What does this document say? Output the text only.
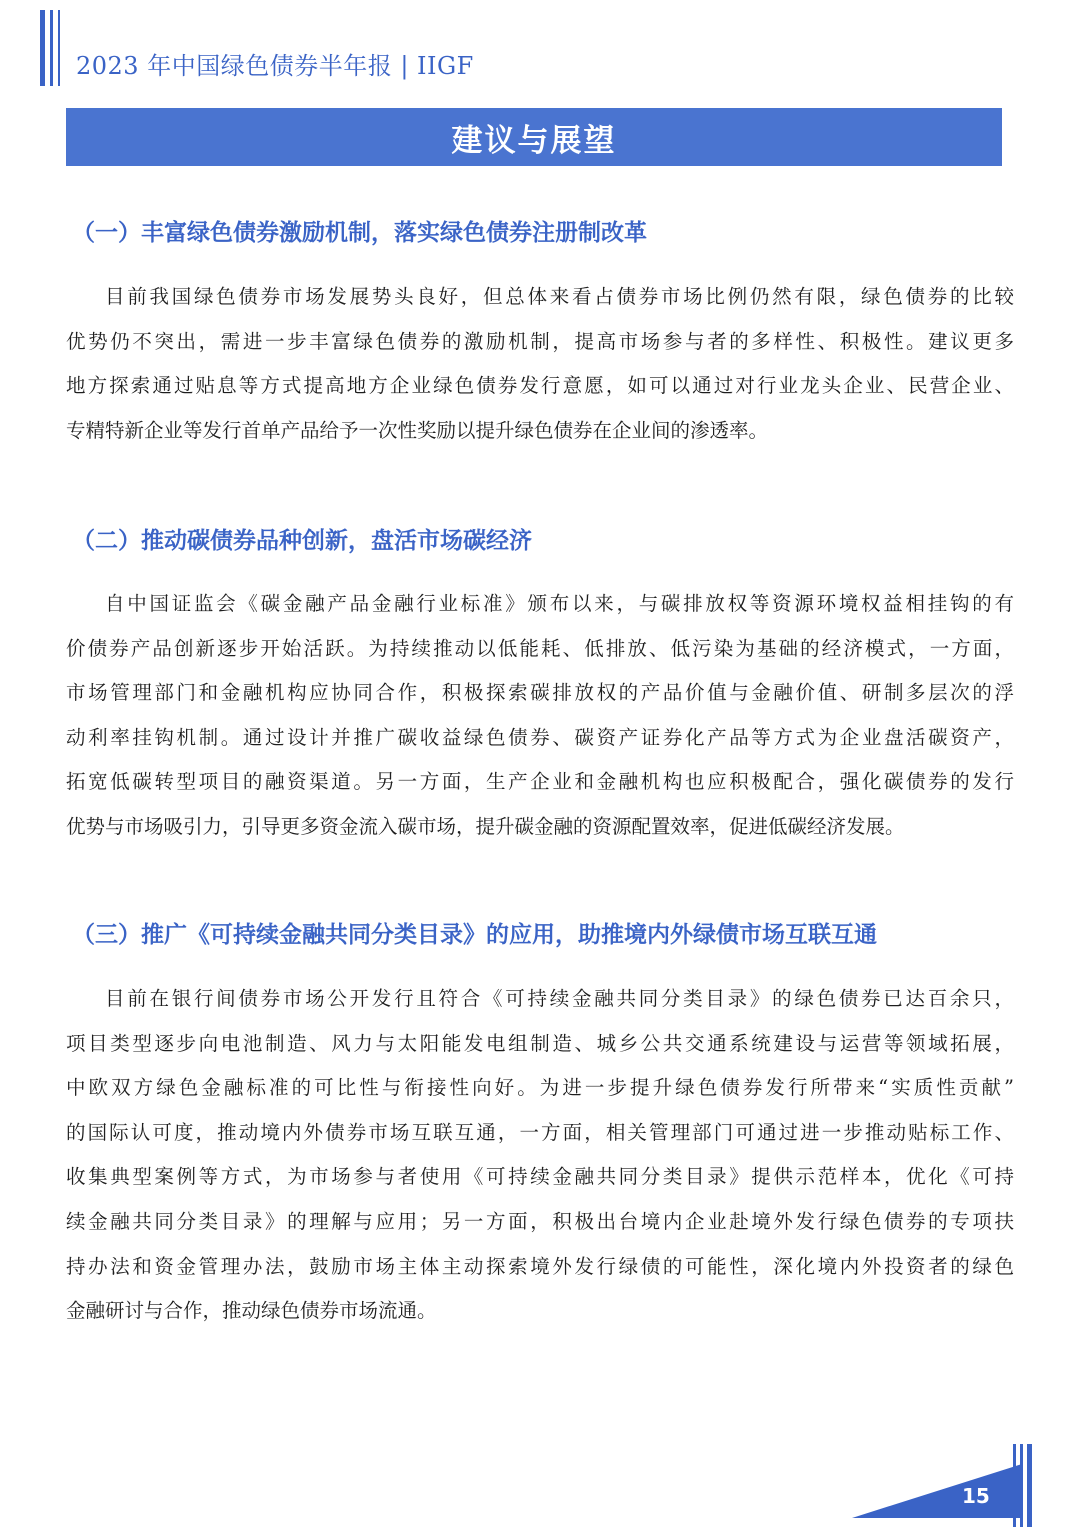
2023 年中国绿色债券半年报 | IIGF
建议与展望
（一）丰富绿色债券激励机制，落实绿色债券注册制改革
目前我国绿色债券市场发展势头良好，但总体来看占债券市场比例仍然有限，绿色债券的比较
优势仍不突出，需进一步丰富绿色债券的激励机制，提高市场参与者的多样性、积极性。建议更多
地方探索通过贴息等方式提高地方企业绿色债券发行意愿，如可以通过对行业龙头企业、民营企业、
专精特新企业等发行首单产品给予一次性奖励以提升绿色债券在企业间的渗透率。
（二）推动碳债券品种创新，盘活市场碳经济
自中国证监会《碳金融产品金融行业标准》颁布以来，与碳排放权等资源环境权益相挂钩的有
价债券产品创新逐步开始活跃。为持续推动以低能耗、低排放、低污染为基础的经济模式，一方面，
市场管理部门和金融机构应协同合作，积极探索碳排放权的产品价值与金融价值、研制多层次的浮
动利率挂钩机制。通过设计并推广碳收益绿色债券、碳资产证券化产品等方式为企业盘活碳资产，
拓宽低碳转型项目的融资渠道。另一方面，生产企业和金融机构也应积极配合，强化碳债券的发行
优势与市场吸引力，引导更多资金流入碳市场，提升碳金融的资源配置效率，促进低碳经济发展。
（三）推广《可持续金融共同分类目录》的应用，助推境内外绿债市场互联互通
目前在银行间债券市场公开发行且符合《可持续金融共同分类目录》的绿色债券已达百余只，
项目类型逐步向电池制造、风力与太阳能发电组制造、城乡公共交通系统建设与运营等领域拓展，
中欧双方绿色金融标准的可比性与衔接性向好。为进一步提升绿色债券发行所带来“实质性贡献”
的国际认可度，推动境内外债券市场互联互通，一方面，相关管理部门可通过进一步推动贴标工作、
收集典型案例等方式，为市场参与者使用《可持续金融共同分类目录》提供示范样本，优化《可持
续金融共同分类目录》的理解与应用；另一方面，积极出台境内企业赴境外发行绿色债券的专项扶
持办法和资金管理办法，鼓励市场主体主动探索境外发行绿债的可能性，深化境内外投资者的绿色
金融研讨与合作，推动绿色债券市场流通。
15
